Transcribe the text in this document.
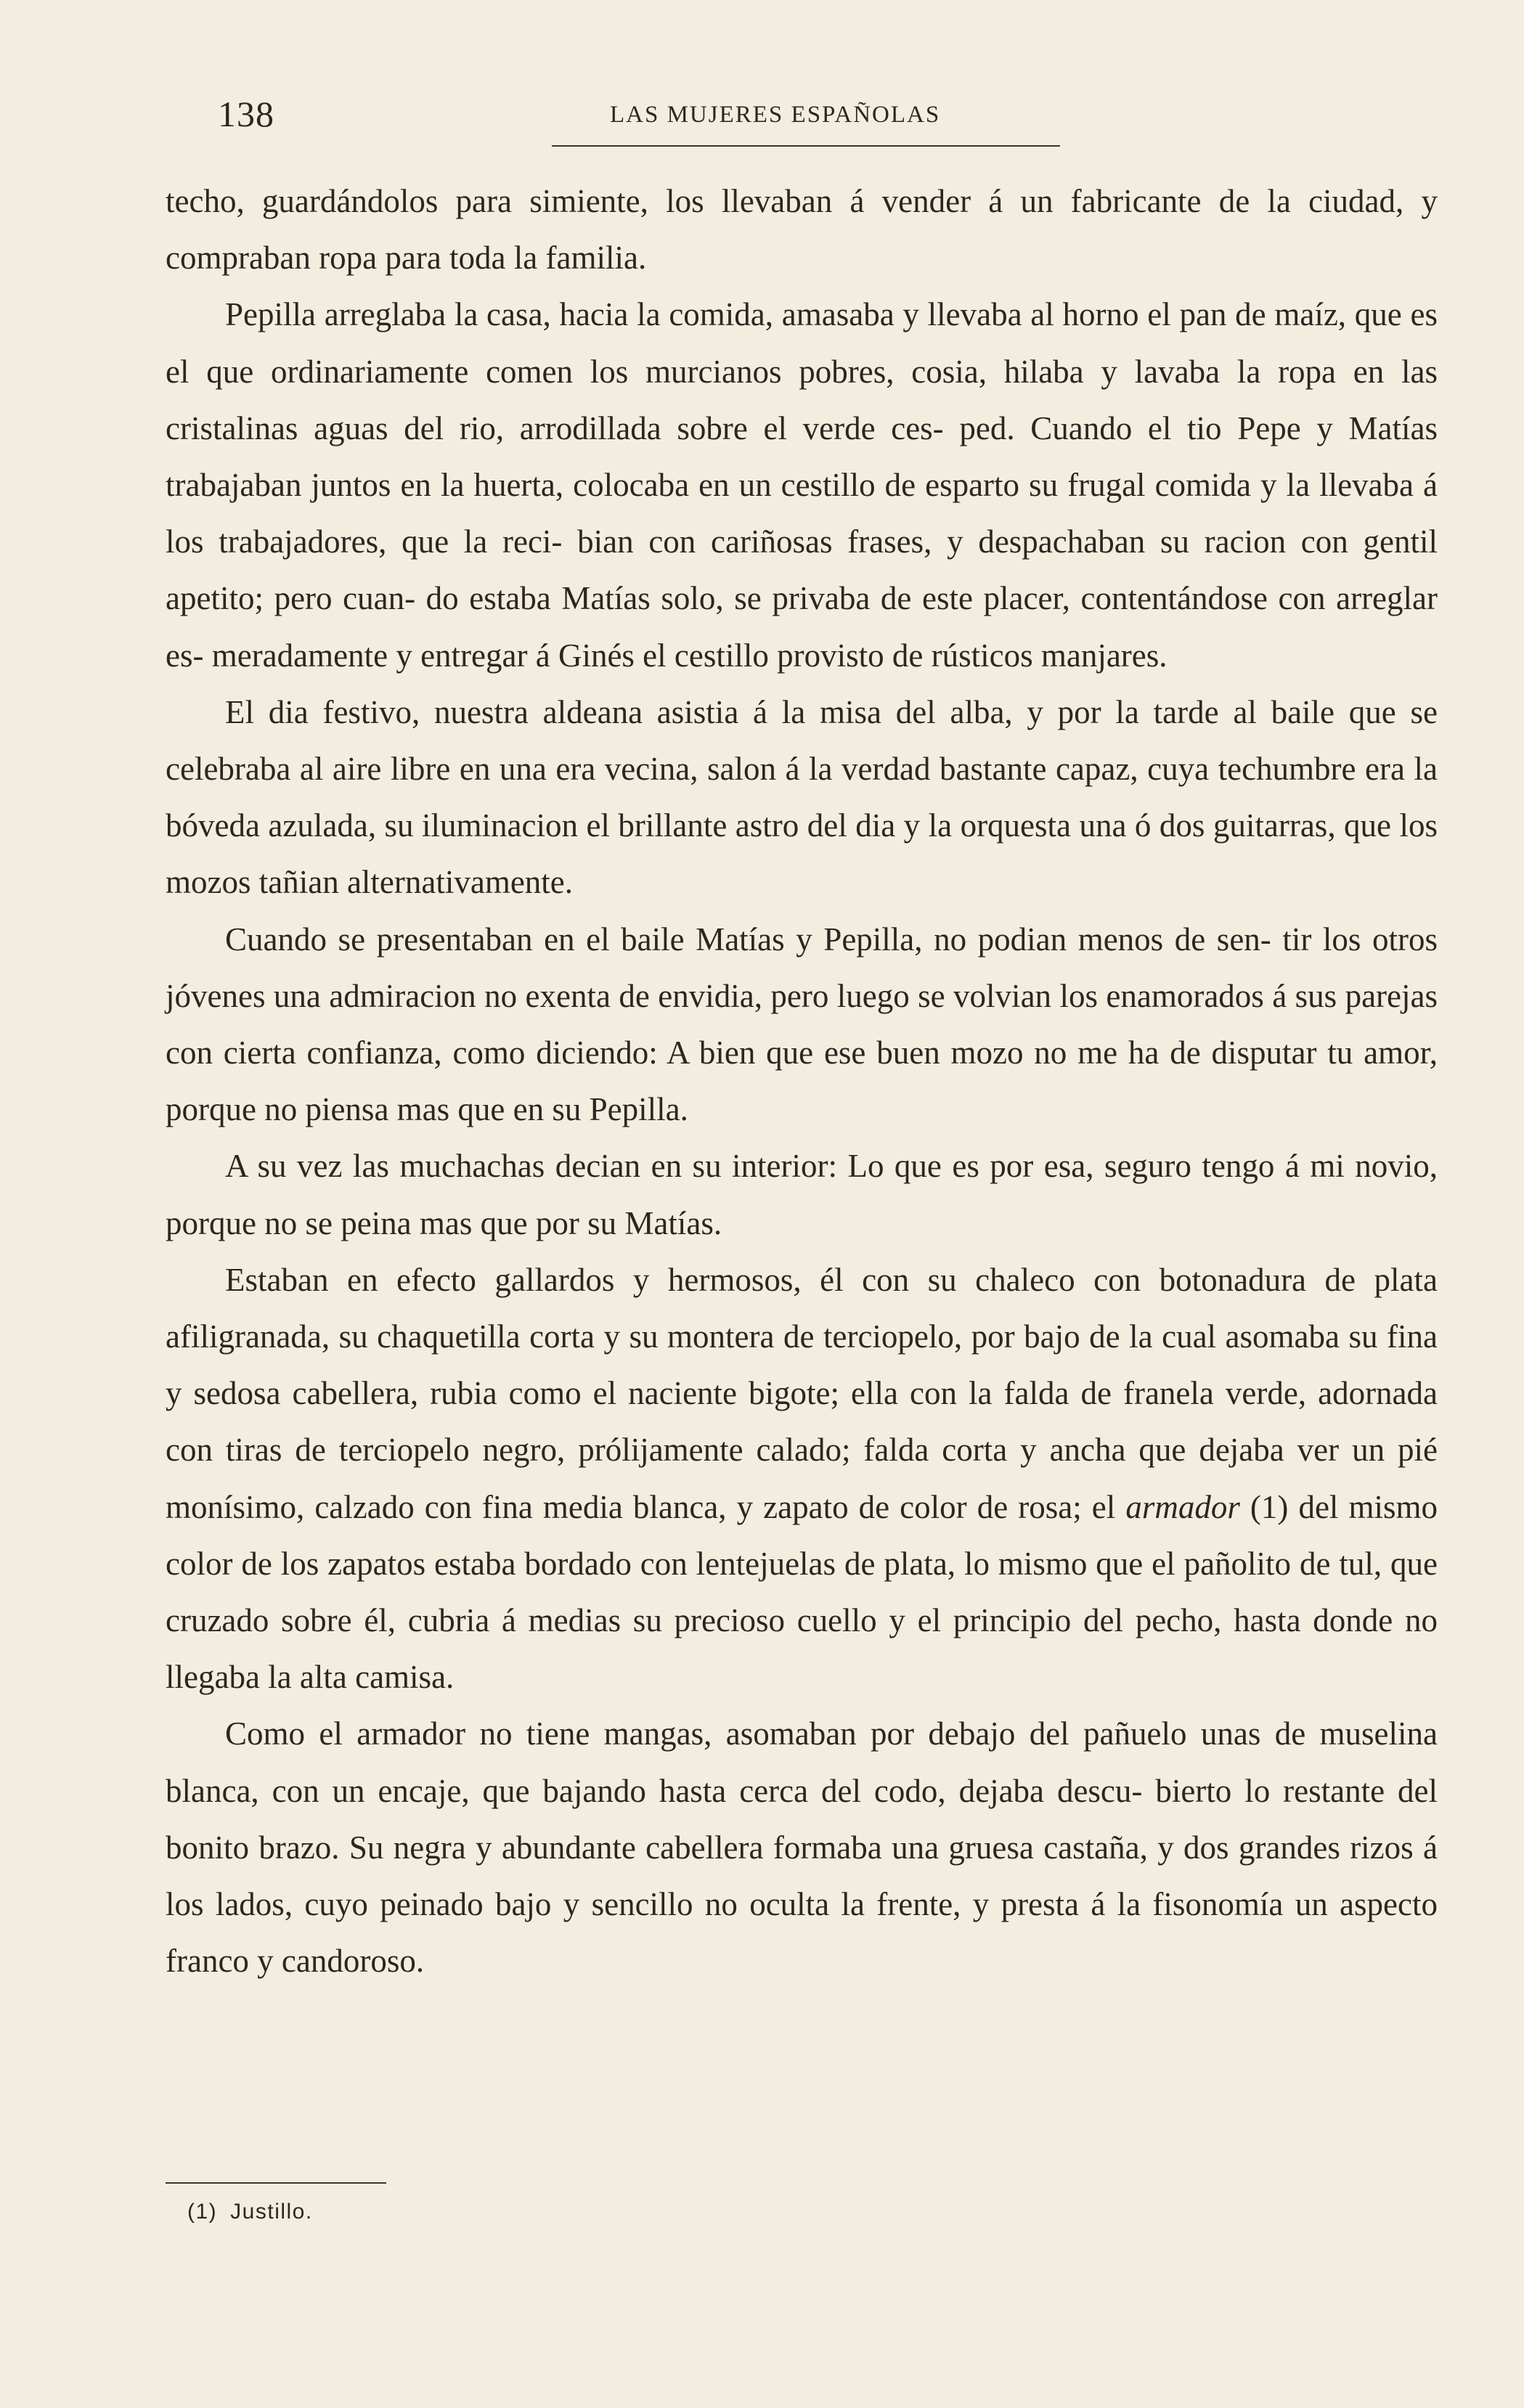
138	LAS MUJERES ESPAÑOLAS

techo, guardándolos para simiente, los llevaban á vender á un fabricante de la ciudad, y compraban ropa para toda la familia.

Pepilla arreglaba la casa, hacia la comida, amasaba y llevaba al horno el pan de maíz, que es el que ordinariamente comen los murcianos pobres, cosia, hilaba y lavaba la ropa en las cristalinas aguas del rio, arrodillada sobre el verde ces- ped. Cuando el tio Pepe y Matías trabajaban juntos en la huerta, colocaba en un cestillo de esparto su frugal comida y la llevaba á los trabajadores, que la reci- bian con cariñosas frases, y despachaban su racion con gentil apetito; pero cuan- do estaba Matías solo, se privaba de este placer, contentándose con arreglar es- meradamente y entregar á Ginés el cestillo provisto de rústicos manjares.

El dia festivo, nuestra aldeana asistia á la misa del alba, y por la tarde al baile que se celebraba al aire libre en una era vecina, salon á la verdad bastante capaz, cuya techumbre era la bóveda azulada, su iluminacion el brillante astro del dia y la orquesta una ó dos guitarras, que los mozos tañian alternativamente.

Cuando se presentaban en el baile Matías y Pepilla, no podian menos de sen- tir los otros jóvenes una admiracion no exenta de envidia, pero luego se volvian los enamorados á sus parejas con cierta confianza, como diciendo: A bien que ese buen mozo no me ha de disputar tu amor, porque no piensa mas que en su Pepilla.

A su vez las muchachas decian en su interior: Lo que es por esa, seguro tengo á mi novio, porque no se peina mas que por su Matías.

Estaban en efecto gallardos y hermosos, él con su chaleco con botonadura de plata afiligranada, su chaquetilla corta y su montera de terciopelo, por bajo de la cual asomaba su fina y sedosa cabellera, rubia como el naciente bigote; ella con la falda de franela verde, adornada con tiras de terciopelo negro, prólijamente calado; falda corta y ancha que dejaba ver un pié monísimo, calzado con fina media blanca, y zapato de color de rosa; el armador (1) del mismo color de los zapatos estaba bordado con lentejuelas de plata, lo mismo que el pañolito de tul, que cruzado sobre él, cubria á medias su precioso cuello y el principio del pecho, hasta donde no llegaba la alta camisa.

Como el armador no tiene mangas, asomaban por debajo del pañuelo unas de muselina blanca, con un encaje, que bajando hasta cerca del codo, dejaba descu- bierto lo restante del bonito brazo. Su negra y abundante cabellera formaba una gruesa castaña, y dos grandes rizos á los lados, cuyo peinado bajo y sencillo no oculta la frente, y presta á la fisonomía un aspecto franco y candoroso.

(1) Justillo.
